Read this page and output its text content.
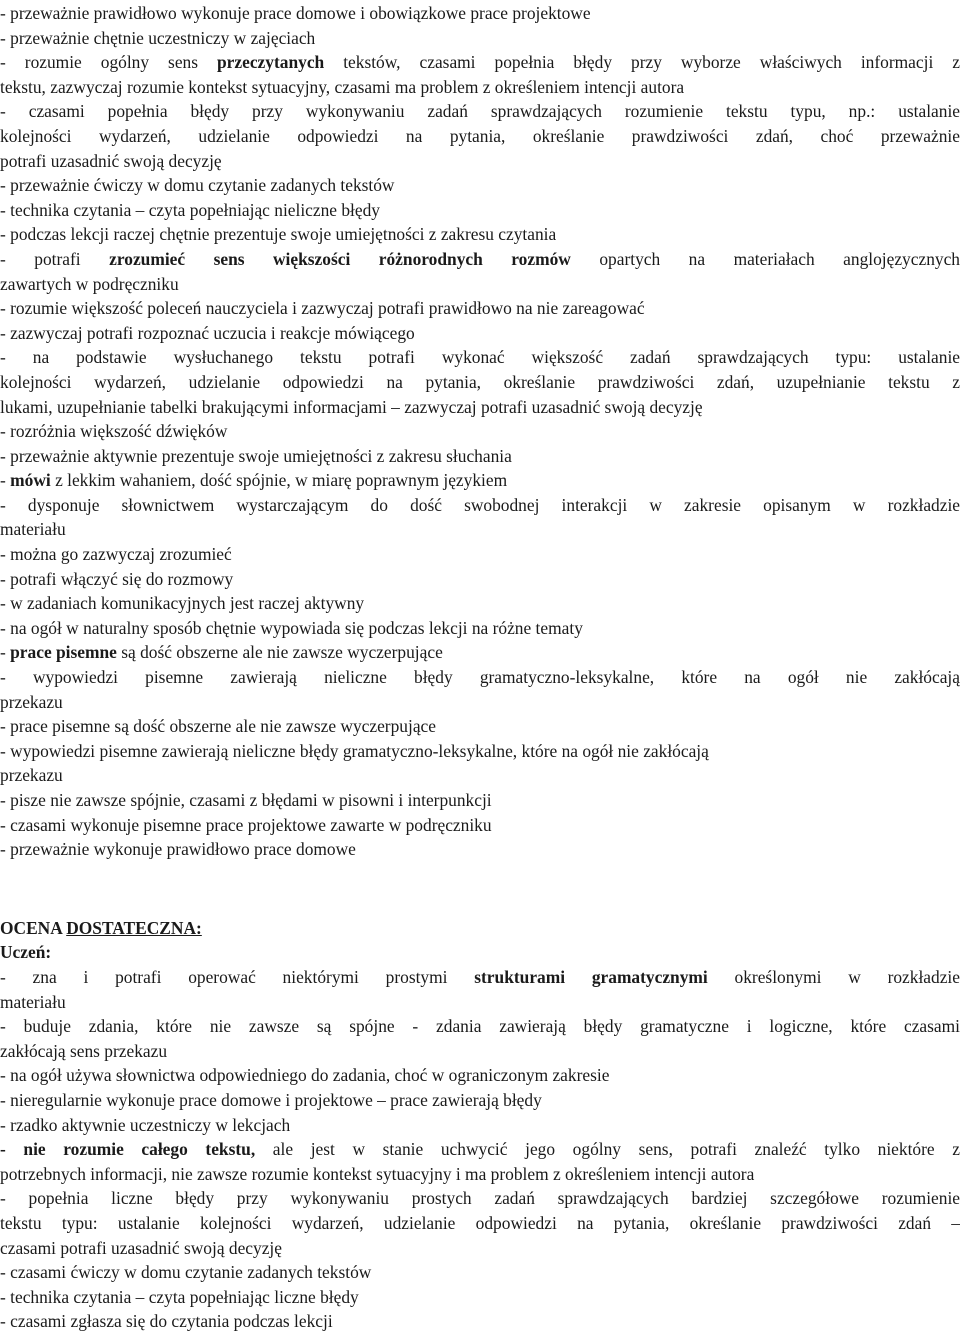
- przeważnie prawidłowo wykonuje prace domowe i obowiązkowe prace projektowe

- przeważnie chętnie uczestniczy w zajęciach

- rozumie ogólny sens przeczytanych tekstów, czasami popełnia błędy przy wyborze właściwych informacji z

tekstu, zazwyczaj rozumie kontekst sytuacyjny, czasami ma problem z określeniem intencji autora

- czasami popełnia błędy przy wykonywaniu zadań sprawdzających rozumienie tekstu typu, np.: ustalanie

kolejności wydarzeń, udzielanie odpowiedzi na pytania, określanie prawdziwości zdań, choć przeważnie

potrafi uzasadnić swoją decyzję

- przeważnie ćwiczy w domu czytanie zadanych tekstów

- technika czytania – czyta popełniając nieliczne błędy

- podczas lekcji raczej chętnie prezentuje swoje umiejętności z zakresu czytania

- potrafi zrozumieć sens większości różnorodnych rozmów opartych na materiałach anglojęzycznych

zawartych w podręczniku

- rozumie większość poleceń nauczyciela i zazwyczaj potrafi prawidłowo na nie zareagować

- zazwyczaj potrafi rozpoznać uczucia i reakcje mówiącego

- na podstawie wysłuchanego tekstu potrafi wykonać większość zadań sprawdzających typu: ustalanie

kolejności wydarzeń, udzielanie odpowiedzi na pytania, określanie prawdziwości zdań, uzupełnianie tekstu z

lukami, uzupełnianie tabelki brakującymi informacjami – zazwyczaj potrafi uzasadnić swoją decyzję

- rozróżnia większość dźwięków

- przeważnie aktywnie prezentuje swoje umiejętności z zakresu słuchania

- mówi z lekkim wahaniem, dość spójnie, w miarę poprawnym językiem

- dysponuje słownictwem wystarczającym do dość swobodnej interakcji w zakresie opisanym w rozkładzie

materiału

- można go zazwyczaj zrozumieć

- potrafi włączyć się do rozmowy

- w zadaniach komunikacyjnych jest raczej aktywny

- na ogół w naturalny sposób chętnie wypowiada się podczas lekcji na różne tematy

- prace pisemne są dość obszerne ale nie zawsze wyczerpujące

- wypowiedzi pisemne zawierają nieliczne błędy gramatyczno-leksykalne, które na ogół nie zakłócają

przekazu

- prace pisemne są dość obszerne ale nie zawsze wyczerpujące

- wypowiedzi pisemne zawierają nieliczne błędy gramatyczno-leksykalne, które na ogół nie zakłócają

przekazu

- pisze nie zawsze spójnie, czasami z błędami w pisowni i interpunkcji

- czasami wykonuje pisemne prace projektowe zawarte w podręczniku

- przeważnie wykonuje prawidłowo prace domowe

OCENA DOSTATECZNA:

Uczeń:

- zna i potrafi operować niektórymi prostymi strukturami gramatycznymi określonymi w rozkładzie

materiału

- buduje zdania, które nie zawsze są spójne - zdania zawierają błędy gramatyczne i logiczne, które czasami

zakłócają sens przekazu

- na ogół używa słownictwa odpowiedniego do zadania, choć w ograniczonym zakresie

- nieregularnie wykonuje prace domowe i projektowe – prace zawierają błędy

- rzadko aktywnie uczestniczy w lekcjach

- nie rozumie całego tekstu, ale jest w stanie uchwycić jego ogólny sens, potrafi znaleźć tylko niektóre z

potrzebnych informacji, nie zawsze rozumie kontekst sytuacyjny i ma problem z określeniem intencji autora

- popełnia liczne błędy przy wykonywaniu prostych zadań sprawdzających bardziej szczegółowe rozumienie

tekstu typu: ustalanie kolejności wydarzeń, udzielanie odpowiedzi na pytania, określanie prawdziwości zdań –

czasami potrafi uzasadnić swoją decyzję

- czasami ćwiczy w domu czytanie zadanych tekstów

- technika czytania – czyta popełniając liczne błędy

- czasami zgłasza się do czytania podczas lekcji
